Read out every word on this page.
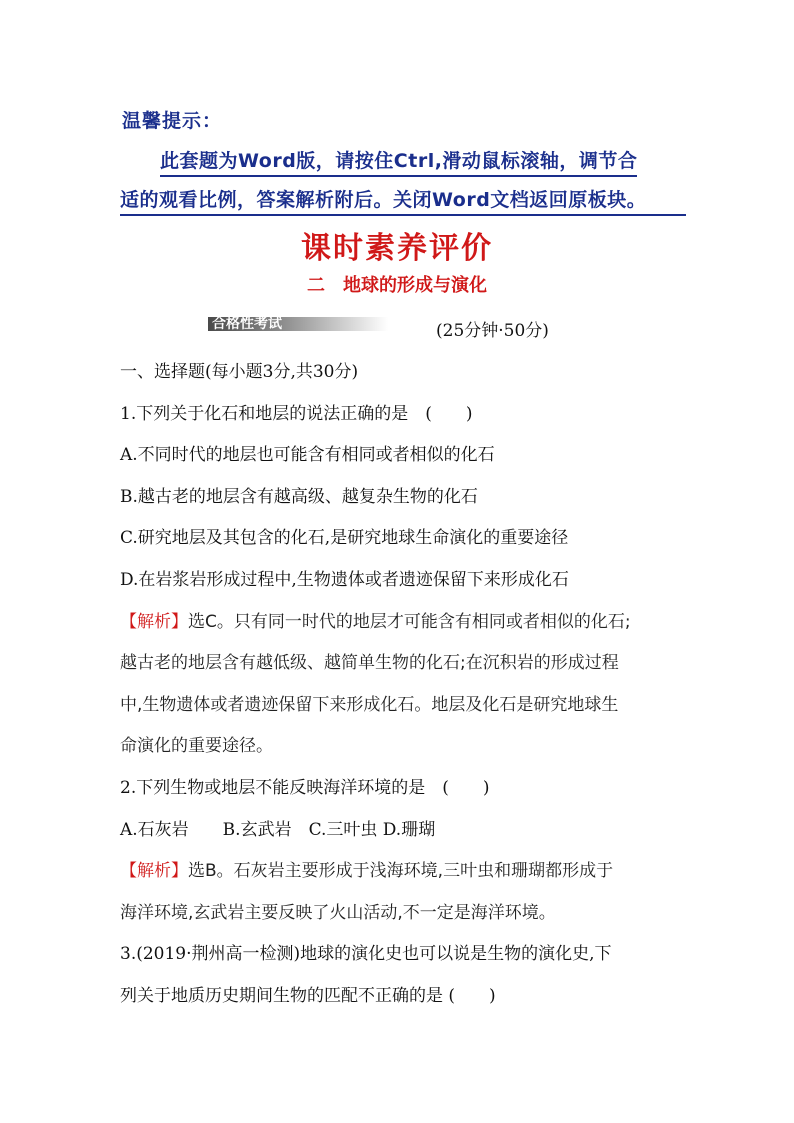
温馨提示：
此套题为Word版，请按住Ctrl,滑动鼠标滚轴，调节合
适的观看比例，答案解析附后。关闭Word文档返回原板块。
课时素养评价
二　地球的形成与演化
合格性考试	(25分钟·50分)
一、选择题(每小题3分,共30分)
1.下列关于化石和地层的说法正确的是　(　　)
A.不同时代的地层也可能含有相同或者相似的化石
B.越古老的地层含有越高级、越复杂生物的化石
C.研究地层及其包含的化石,是研究地球生命演化的重要途径
D.在岩浆岩形成过程中,生物遗体或者遗迹保留下来形成化石
【解析】选C。只有同一时代的地层才可能含有相同或者相似的化石;
越古老的地层含有越低级、越简单生物的化石;在沉积岩的形成过程
中,生物遗体或者遗迹保留下来形成化石。地层及化石是研究地球生
命演化的重要途径。
2.下列生物或地层不能反映海洋环境的是　(　　)
A.石灰岩　　B.玄武岩　C.三叶虫 D.珊瑚
【解析】选B。石灰岩主要形成于浅海环境,三叶虫和珊瑚都形成于
海洋环境,玄武岩主要反映了火山活动,不一定是海洋环境。
3.(2019·荆州高一检测)地球的演化史也可以说是生物的演化史,下
列关于地质历史期间生物的匹配不正确的是 (　　)
